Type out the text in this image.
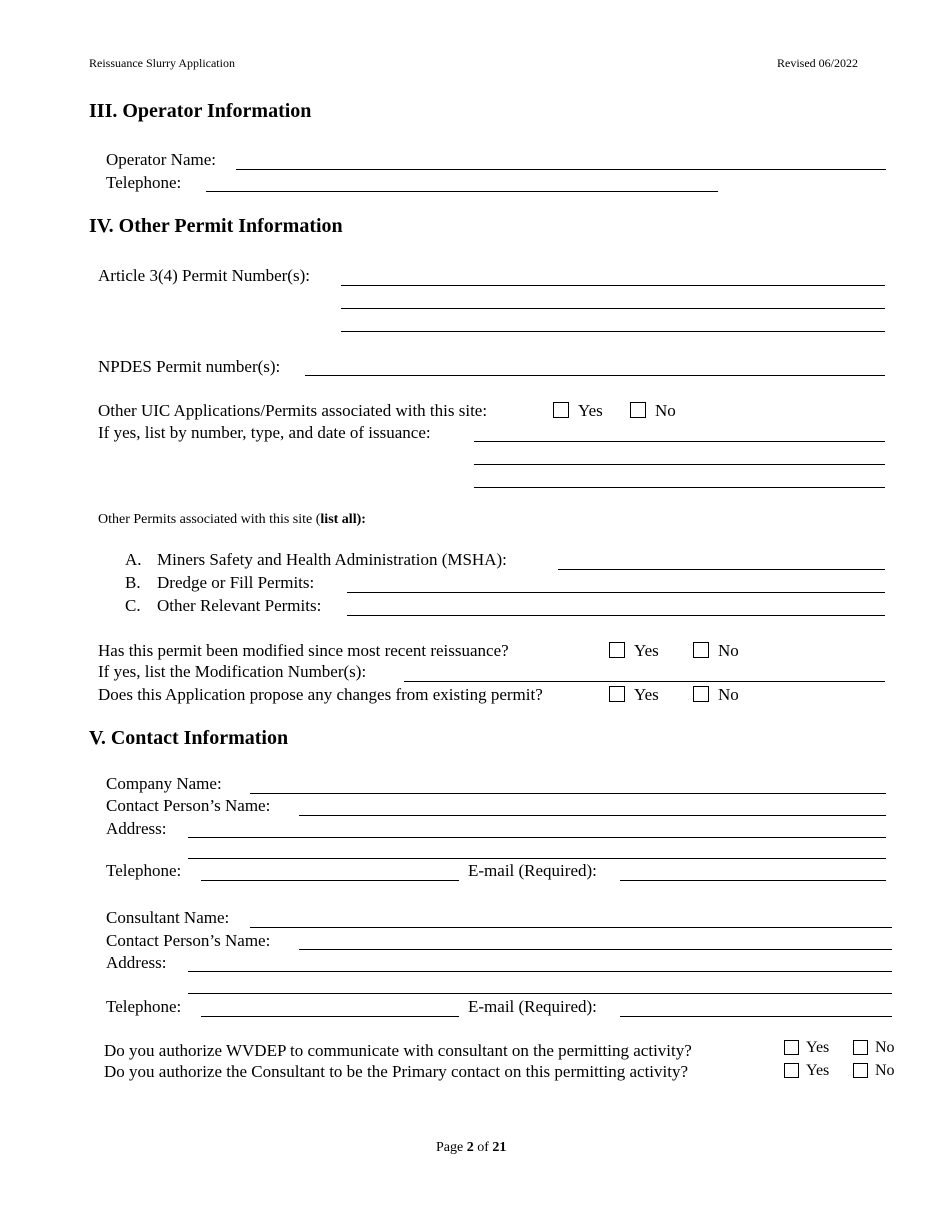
Reissuance Slurry Application	Revised 06/2022
III. Operator Information
Operator Name:
Telephone:
IV. Other Permit Information
Article 3(4) Permit Number(s):
NPDES Permit number(s):
Other UIC Applications/Permits associated with this site:	Yes	No
If yes, list by number, type, and date of issuance:
Other Permits associated with this site (list all):
A. Miners Safety and Health Administration (MSHA):
B. Dredge or Fill Permits:
C. Other Relevant Permits:
Has this permit been modified since most recent reissuance?	Yes	No
If yes, list the Modification Number(s):
Does this Application propose any changes from existing permit?	Yes	No
V. Contact Information
Company Name:
Contact Person’s Name:
Address:
Telephone:	E-mail (Required):
Consultant Name:
Contact Person’s Name:
Address:
Telephone:	E-mail (Required):
Do you authorize WVDEP to communicate with consultant on the permitting activity?	Yes	No
Do you authorize the Consultant to be the Primary contact on this permitting activity?	Yes	No
Page 2 of 21
